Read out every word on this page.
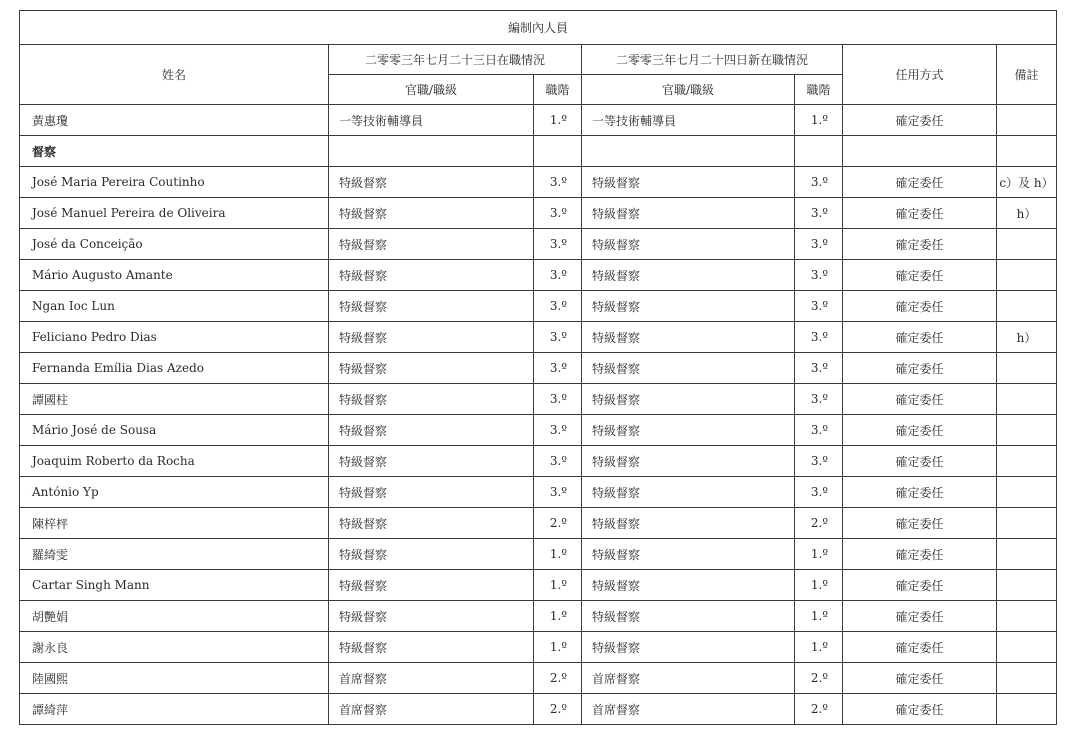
編制內人員						
姓名	二零零三年七月二十三日在職情況		二零零三年七月二十四日新在職情況		任用方式	備註
	官職/職級	職階	官職/職級	職階		
黃惠瓊	一等技術輔導員	1.º	一等技術輔導員	1.º	確定委任	
督察						
José Maria Pereira Coutinho	特級督察	3.º	特級督察	3.º	確定委任	c）及 h）
José Manuel Pereira de Oliveira	特級督察	3.º	特級督察	3.º	確定委任	h）
José da Conceição	特級督察	3.º	特級督察	3.º	確定委任	
Mário Augusto Amante	特級督察	3.º	特級督察	3.º	確定委任	
Ngan Ioc Lun	特級督察	3.º	特級督察	3.º	確定委任	
Feliciano Pedro Dias	特級督察	3.º	特級督察	3.º	確定委任	h）
Fernanda Emília Dias Azedo	特級督察	3.º	特級督察	3.º	確定委任	
譚國柱	特級督察	3.º	特級督察	3.º	確定委任	
Mário José de Sousa	特級督察	3.º	特級督察	3.º	確定委任	
Joaquim Roberto da Rocha	特級督察	3.º	特級督察	3.º	確定委任	
António Yp	特級督察	3.º	特級督察	3.º	確定委任	
陳梓枰	特級督察	2.º	特級督察	2.º	確定委任	
羅綺雯	特級督察	1.º	特級督察	1.º	確定委任	
Cartar Singh Mann	特級督察	1.º	特級督察	1.º	確定委任	
胡艷娟	特級督察	1.º	特級督察	1.º	確定委任	
謝永良	特級督察	1.º	特級督察	1.º	確定委任	
陸國熙	首席督察	2.º	首席督察	2.º	確定委任	
譚綺萍	首席督察	2.º	首席督察	2.º	確定委任	
